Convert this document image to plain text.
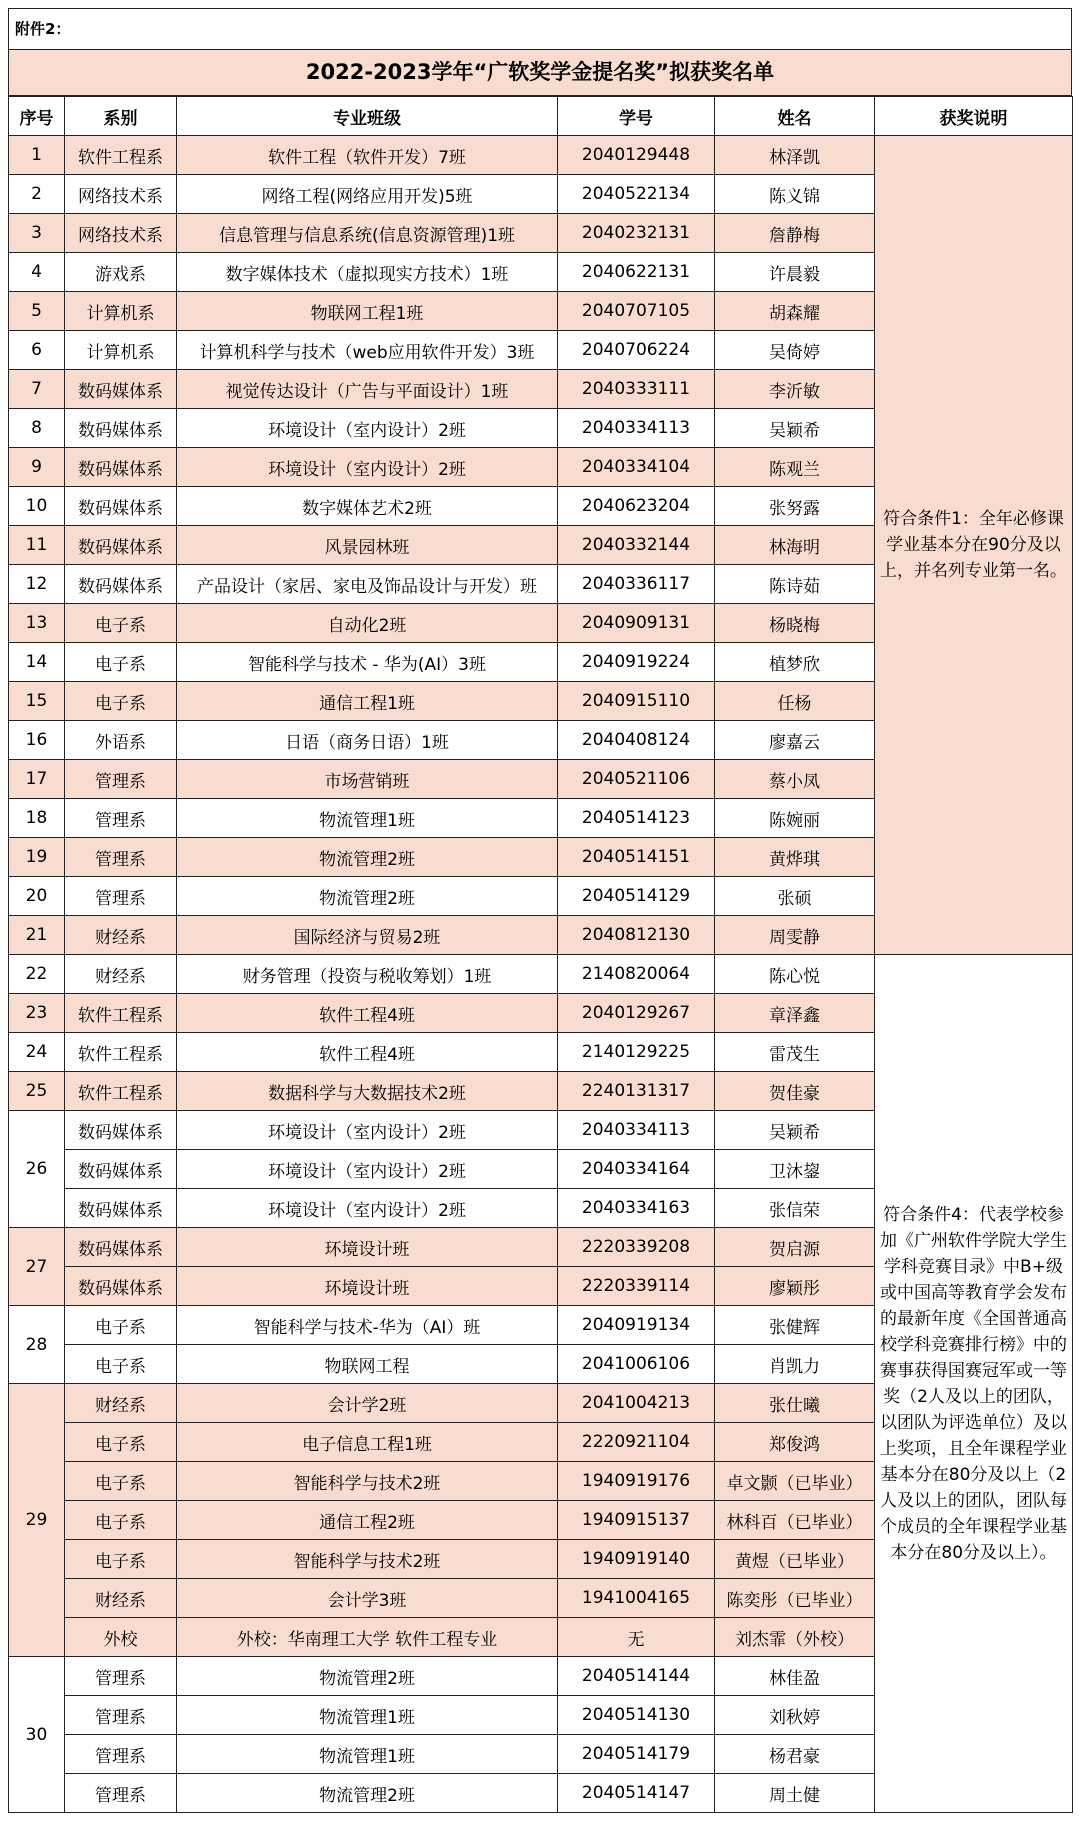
附件2：
2022-2023学年“广软奖学金提名奖”拟获奖名单
序号	系别	专业班级	学号	姓名	获奖说明
1	软件工程系	软件工程（软件开发）7班	2040129448	林泽凯	符合条件1：全年必修课学业基本分在90分及以上，并名列专业第一名。
2	网络技术系	网络工程(网络应用开发)5班	2040522134	陈义锦	
3	网络技术系	信息管理与信息系统(信息资源管理)1班	2040232131	詹静梅	
4	游戏系	数字媒体技术（虚拟现实方技术）1班	2040622131	许晨毅	
5	计算机系	物联网工程1班	2040707105	胡森耀	
6	计算机系	计算机科学与技术（web应用软件开发）3班	2040706224	吴倚婷	
7	数码媒体系	视觉传达设计（广告与平面设计）1班	2040333111	李沂敏	
8	数码媒体系	环境设计（室内设计）2班	2040334113	吴颖希	
9	数码媒体系	环境设计（室内设计）2班	2040334104	陈观兰	
10	数码媒体系	数字媒体艺术2班	2040623204	张努露	
11	数码媒体系	风景园林班	2040332144	林海明	
12	数码媒体系	产品设计（家居、家电及饰品设计与开发）班	2040336117	陈诗茹	
13	电子系	自动化2班	2040909131	杨晓梅	
14	电子系	智能科学与技术 - 华为(AI）3班	2040919224	植梦欣	
15	电子系	通信工程1班	2040915110	任杨	
16	外语系	日语（商务日语）1班	2040408124	廖嘉云	
17	管理系	市场营销班	2040521106	蔡小凤	
18	管理系	物流管理1班	2040514123	陈婉丽	
19	管理系	物流管理2班	2040514151	黄烨琪	
20	管理系	物流管理2班	2040514129	张硕	
21	财经系	国际经济与贸易2班	2040812130	周雯静	
22	财经系	财务管理（投资与税收筹划）1班	2140820064	陈心悦	符合条件4：代表学校参加《广州软件学院大学生学科竞赛目录》中B+级或中国高等教育学会发布的最新年度《全国普通高校学科竞赛排行榜》中的赛事获得国赛冠军或一等奖（2人及以上的团队，以团队为评选单位）及以上奖项，且全年课程学业基本分在80分及以上（2人及以上的团队，团队每个成员的全年课程学业基本分在80分及以上）。
23	软件工程系	软件工程4班	2040129267	章泽鑫	
24	软件工程系	软件工程4班	2140129225	雷茂生	
25	软件工程系	数据科学与大数据技术2班	2240131317	贺佳豪	
26	数码媒体系	环境设计（室内设计）2班	2040334113	吴颖希	
	数码媒体系	环境设计（室内设计）2班	2040334164	卫沐鋆	
	数码媒体系	环境设计（室内设计）2班	2040334163	张信荣	
27	数码媒体系	环境设计班	2220339208	贺启源	
	数码媒体系	环境设计班	2220339114	廖颖彤	
28	电子系	智能科学与技术-华为（AI）班	2040919134	张健辉	
	电子系	物联网工程	2041006106	肖凯力	
29	财经系	会计学2班	2041004213	张仕曦	
	电子系	电子信息工程1班	2220921104	郑俊鸿	
	电子系	智能科学与技术2班	1940919176	卓文颢（已毕业）	
	电子系	通信工程2班	1940915137	林科百（已毕业）	
	电子系	智能科学与技术2班	1940919140	黄煜（已毕业）	
	财经系	会计学3班	1941004165	陈奕彤（已毕业）	
	外校	外校：华南理工大学 软件工程专业	无	刘杰霏（外校）	
30	管理系	物流管理2班	2040514144	林佳盈	
	管理系	物流管理1班	2040514130	刘秋婷	
	管理系	物流管理1班	2040514179	杨君豪	
	管理系	物流管理2班	2040514147	周土健	
